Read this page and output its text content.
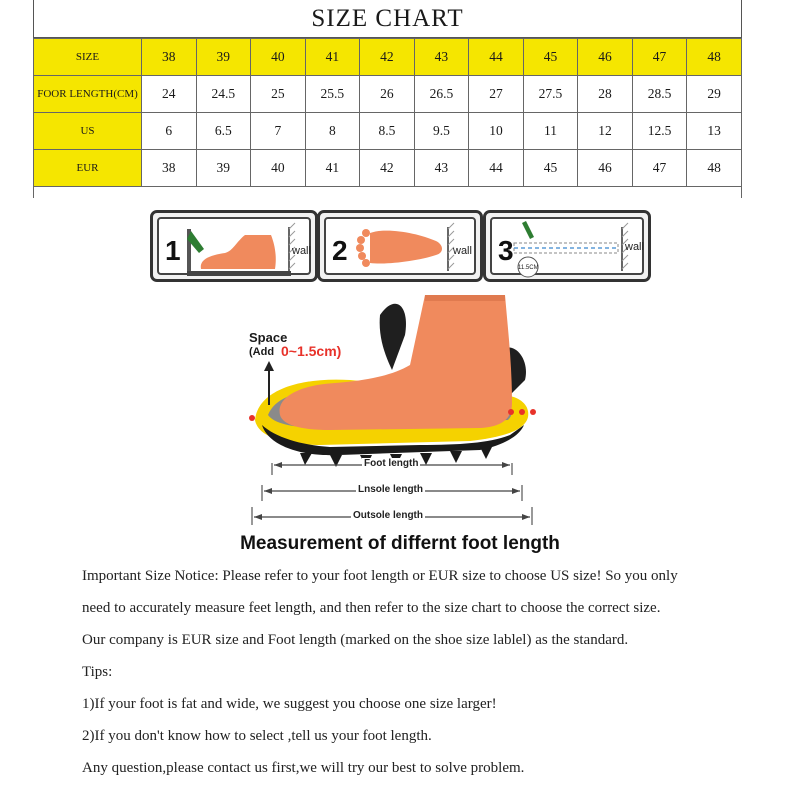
SIZE CHART
SIZE	38	39	40	41	42	43	44	45	46	47	48
FOOR LENGTH(CM)	24	24.5	25	25.5	26	26.5	27	27.5	28	28.5	29
US	6	6.5	7	8	8.5	9.5	10	11	12	12.5	13
EUR	38	39	40	41	42	43	44	45	46	47	48
1	wall 2	wall 3
11.5CM
wall
Space
(Add 0~1.5cm)
Foot length
Lnsole length
Outsole length
Measurement of differnt foot length
Important Size Notice: Please refer to your foot length or EUR size to choose US size! So you only
need to accurately measure feet length, and then refer to the size chart to choose the correct size.
Our company is EUR size and Foot length (marked on the shoe size lablel) as the standard.
Tips:
1)If your foot is fat and wide, we suggest you choose one size larger!
2)If you don't know how to select ,tell us your foot length.
Any question,please contact us first,we will try our best to solve problem.
